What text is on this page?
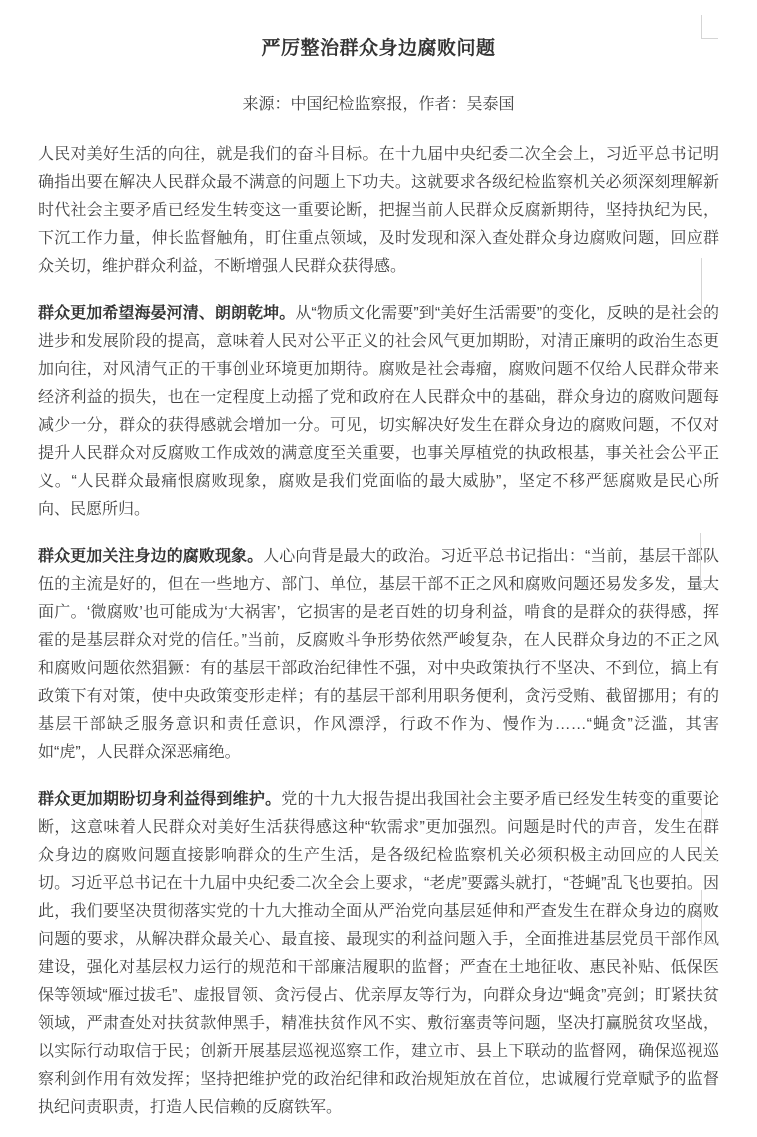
严厉整治群众身边腐败问题
来源：中国纪检监察报，作者：吴泰国

人民对美好生活的向往，就是我们的奋斗目标。在十九届中央纪委二次全会上，习近平总书记明确指出要在解决人民群众最不满意的问题上下功夫。这就要求各级纪检监察机关必须深刻理解新时代社会主要矛盾已经发生转变这一重要论断，把握当前人民群众反腐新期待，坚持执纪为民，下沉工作力量，伸长监督触角，盯住重点领域，及时发现和深入查处群众身边腐败问题，回应群众关切，维护群众利益，不断增强人民群众获得感。

群众更加希望海晏河清、朗朗乾坤。从“物质文化需要”到“美好生活需要”的变化，反映的是社会的进步和发展阶段的提高，意味着人民对公平正义的社会风气更加期盼，对清正廉明的政治生态更加向往，对风清气正的干事创业环境更加期待。腐败是社会毒瘤，腐败问题不仅给人民群众带来经济利益的损失，也在一定程度上动摇了党和政府在人民群众中的基础，群众身边的腐败问题每减少一分，群众的获得感就会增加一分。可见，切实解决好发生在群众身边的腐败问题，不仅对提升人民群众对反腐败工作成效的满意度至关重要，也事关厚植党的执政根基，事关社会公平正义。“人民群众最痛恨腐败现象，腐败是我们党面临的最大威胁”，坚定不移严惩腐败是民心所向、民愿所归。

群众更加关注身边的腐败现象。人心向背是最大的政治。习近平总书记指出：“当前，基层干部队伍的主流是好的，但在一些地方、部门、单位，基层干部不正之风和腐败问题还易发多发，量大面广。‘微腐败’也可能成为‘大祸害’，它损害的是老百姓的切身利益，啃食的是群众的获得感，挥霍的是基层群众对党的信任。”当前，反腐败斗争形势依然严峻复杂，在人民群众身边的不正之风和腐败问题依然猖獗：有的基层干部政治纪律性不强，对中央政策执行不坚决、不到位，搞上有政策下有对策，使中央政策变形走样；有的基层干部利用职务便利，贪污受贿、截留挪用；有的基层干部缺乏服务意识和责任意识，作风漂浮，行政不作为、慢作为……“蝇贪”泛滥，其害如“虎”，人民群众深恶痛绝。

群众更加期盼切身利益得到维护。党的十九大报告提出我国社会主要矛盾已经发生转变的重要论断，这意味着人民群众对美好生活获得感这种“软需求”更加强烈。问题是时代的声音，发生在群众身边的腐败问题直接影响群众的生产生活，是各级纪检监察机关必须积极主动回应的人民关切。习近平总书记在十九届中央纪委二次全会上要求，“老虎”要露头就打，“苍蝇”乱飞也要拍。因此，我们要坚决贯彻落实党的十九大推动全面从严治党向基层延伸和严查发生在群众身边的腐败问题的要求，从解决群众最关心、最直接、最现实的利益问题入手，全面推进基层党员干部作风建设，强化对基层权力运行的规范和干部廉洁履职的监督；严查在土地征收、惠民补贴、低保医保等领域“雁过拔毛”、虚报冒领、贪污侵占、优亲厚友等行为，向群众身边“蝇贪”亮剑；盯紧扶贫领域，严肃查处对扶贫款伸黑手，精准扶贫作风不实、敷衍塞责等问题，坚决打赢脱贫攻坚战，以实际行动取信于民；创新开展基层巡视巡察工作，建立市、县上下联动的监督网，确保巡视巡察利剑作用有效发挥；坚持把维护党的政治纪律和政治规矩放在首位，忠诚履行党章赋予的监督执纪问责职责，打造人民信赖的反腐铁军。
